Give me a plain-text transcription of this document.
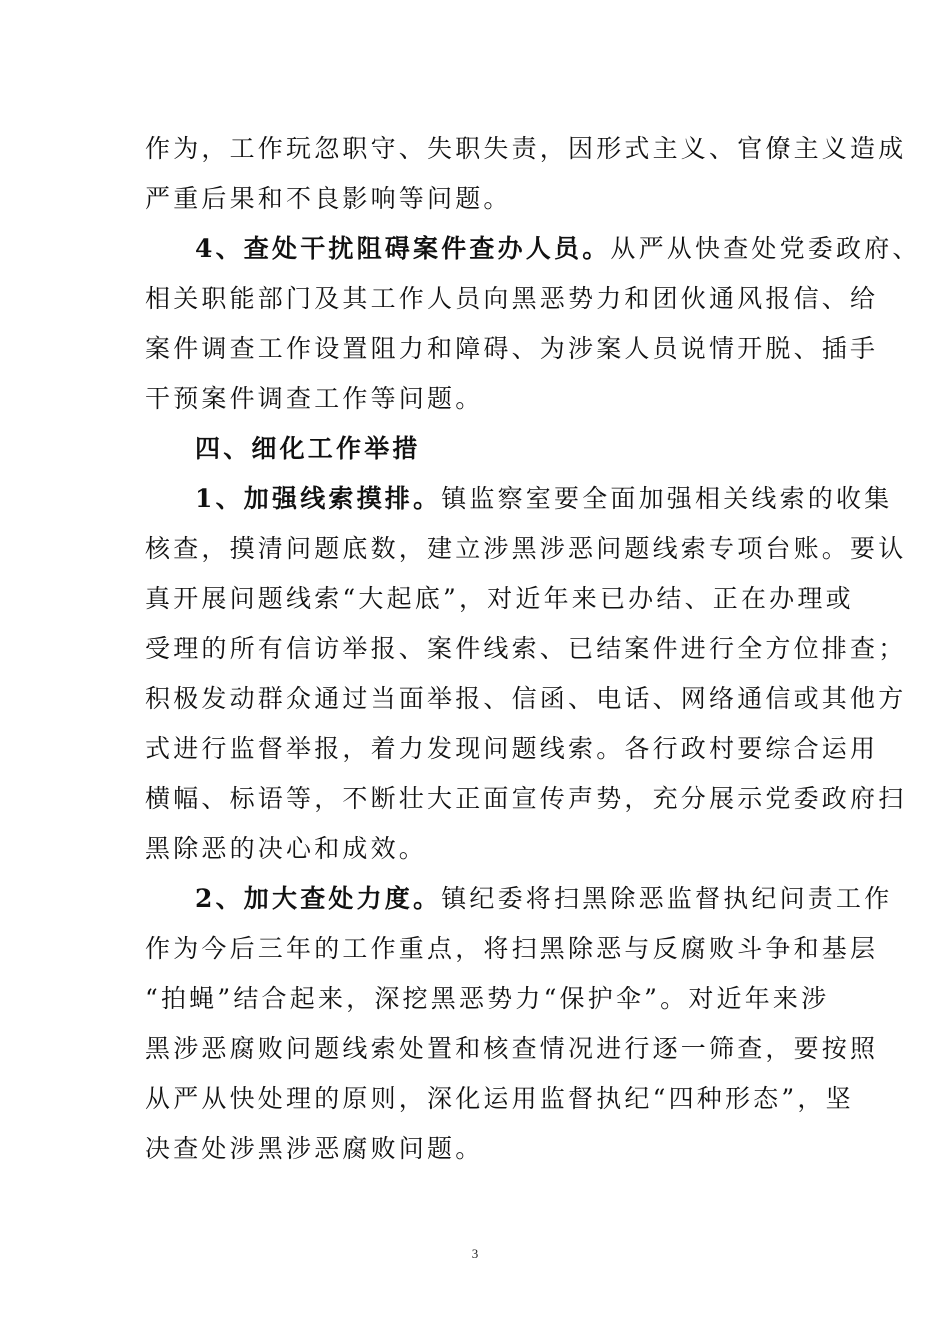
作为，工作玩忽职守、失职失责，因形式主义、官僚主义造成
严重后果和不良影响等问题。
4、查处干扰阻碍案件查办人员。从严从快查处党委政府、
相关职能部门及其工作人员向黑恶势力和团伙通风报信、给
案件调查工作设置阻力和障碍、为涉案人员说情开脱、插手
干预案件调查工作等问题。
四、细化工作举措
1、加强线索摸排。镇监察室要全面加强相关线索的收集
核查，摸清问题底数，建立涉黑涉恶问题线索专项台账。要认
真开展问题线索“大起底”，对近年来已办结、正在办理或
受理的所有信访举报、案件线索、已结案件进行全方位排查；
积极发动群众通过当面举报、信函、电话、网络通信或其他方
式进行监督举报，着力发现问题线索。各行政村要综合运用
横幅、标语等，不断壮大正面宣传声势，充分展示党委政府扫
黑除恶的决心和成效。
2、加大查处力度。镇纪委将扫黑除恶监督执纪问责工作
作为今后三年的工作重点，将扫黑除恶与反腐败斗争和基层
“拍蝇”结合起来，深挖黑恶势力“保护伞”。对近年来涉
黑涉恶腐败问题线索处置和核查情况进行逐一筛查，要按照
从严从快处理的原则，深化运用监督执纪“四种形态”，坚
决查处涉黑涉恶腐败问题。
3
